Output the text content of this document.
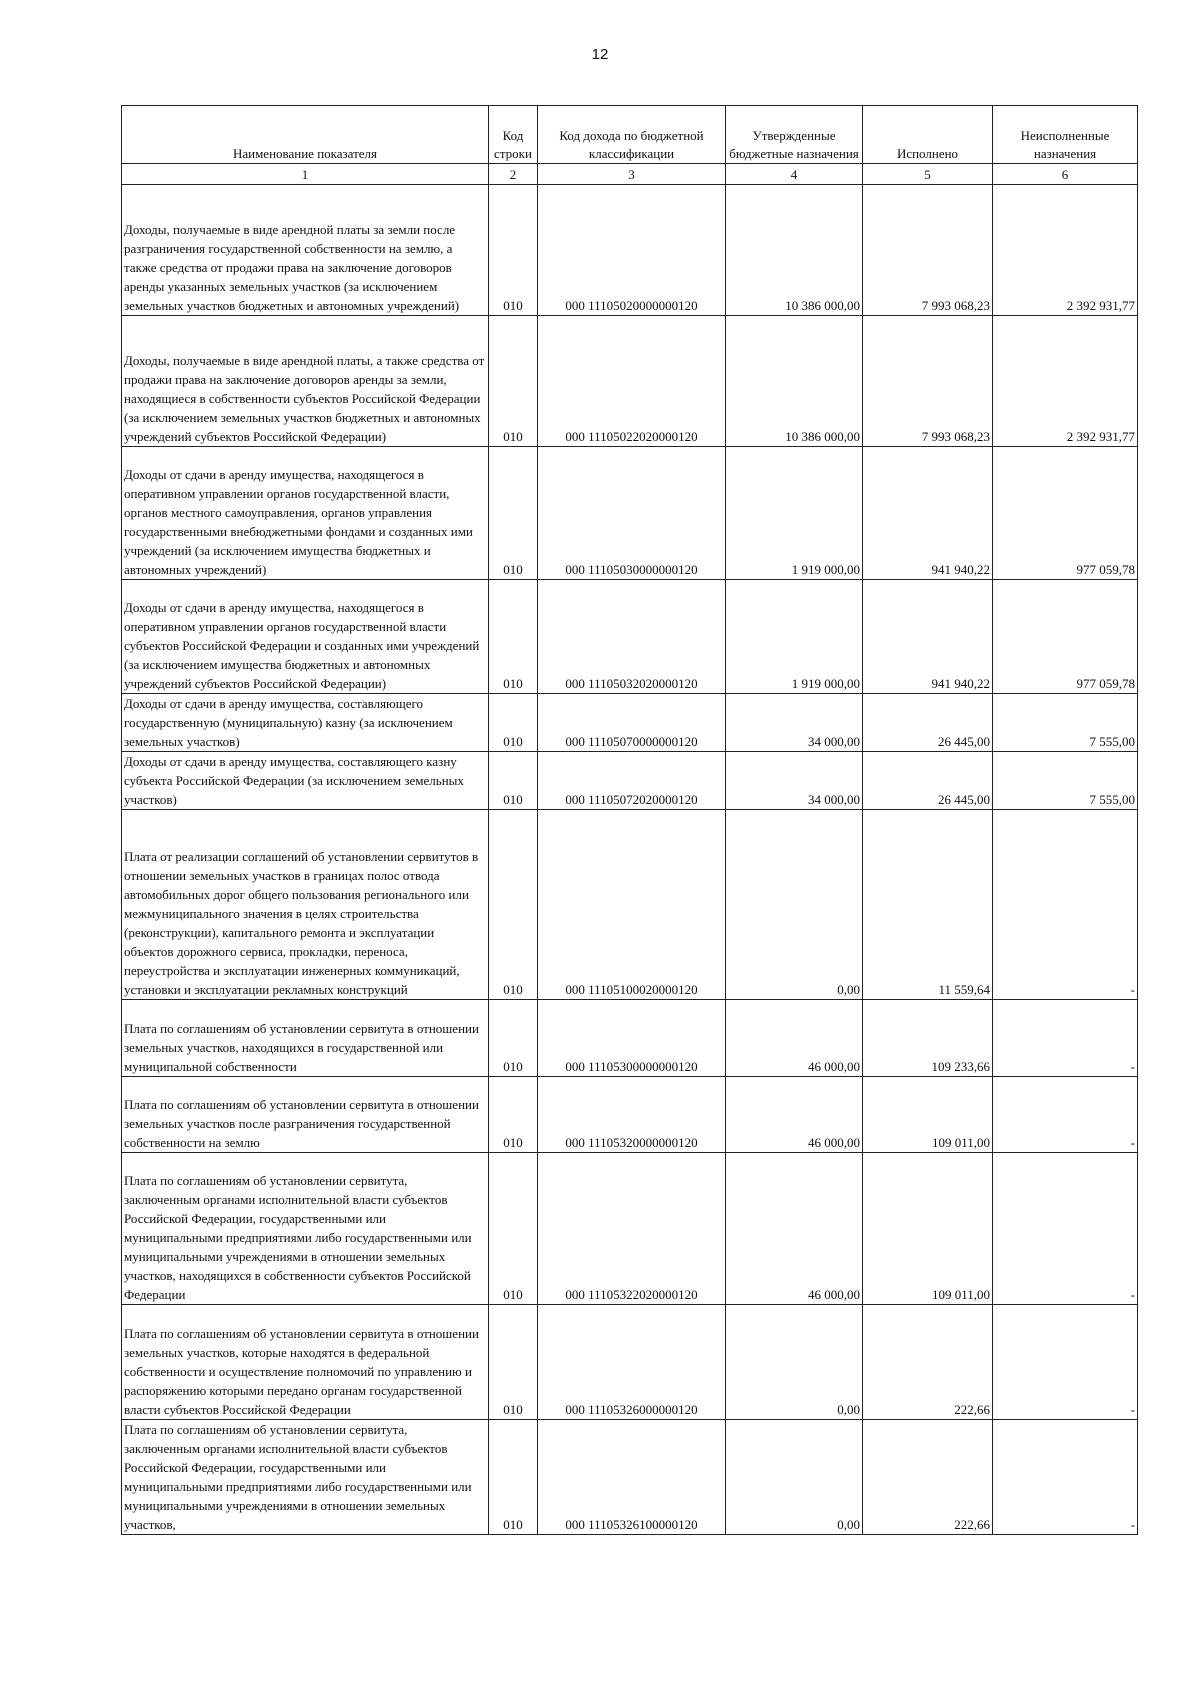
12
Наименование показателя	Код строки	Код дохода по бюджетной классификации	Утвержденные бюджетные назначения	Исполнено	Неисполненные назначения
1	2	3	4	5	6
Доходы, получаемые в виде арендной платы за земли после разграничения государственной собственности на землю, а также средства от продажи права на заключение договоров аренды указанных земельных участков (за исключением земельных участков бюджетных и автономных учреждений)	010	000 11105020000000120	10 386 000,00	7 993 068,23	2 392 931,77
Доходы, получаемые в виде арендной платы, а также средства от продажи права на заключение договоров аренды за земли, находящиеся в собственности субъектов Российской Федерации (за исключением земельных участков бюджетных и автономных учреждений субъектов Российской Федерации)	010	000 11105022020000120	10 386 000,00	7 993 068,23	2 392 931,77
Доходы от сдачи в аренду имущества, находящегося в оперативном управлении органов государственной власти, органов местного самоуправления, органов управления государственными внебюджетными фондами и созданных ими учреждений (за исключением имущества бюджетных и автономных учреждений)	010	000 11105030000000120	1 919 000,00	941 940,22	977 059,78
Доходы от сдачи в аренду имущества, находящегося в оперативном управлении органов государственной власти субъектов Российской Федерации и созданных ими учреждений (за исключением имущества бюджетных и автономных учреждений субъектов Российской Федерации)	010	000 11105032020000120	1 919 000,00	941 940,22	977 059,78
Доходы от сдачи в аренду имущества, составляющего государственную (муниципальную) казну (за исключением земельных участков)	010	000 11105070000000120	34 000,00	26 445,00	7 555,00
Доходы от сдачи в аренду имущества, составляющего казну субъекта Российской Федерации (за исключением земельных участков)	010	000 11105072020000120	34 000,00	26 445,00	7 555,00
Плата от реализации соглашений об установлении сервитутов в отношении земельных участков в границах полос отвода автомобильных дорог общего пользования регионального или межмуниципального значения в целях строительства (реконструкции), капитального ремонта и эксплуатации объектов дорожного сервиса, прокладки, переноса, переустройства и эксплуатации инженерных коммуникаций, установки и эксплуатации рекламных конструкций	010	000 11105100020000120	0,00	11 559,64	-
Плата по соглашениям об установлении сервитута в отношении земельных участков, находящихся в государственной или муниципальной собственности	010	000 11105300000000120	46 000,00	109 233,66	-
Плата по соглашениям об установлении сервитута в отношении земельных участков после разграничения государственной собственности на землю	010	000 11105320000000120	46 000,00	109 011,00	-
Плата по соглашениям об установлении сервитута, заключенным органами исполнительной власти субъектов Российской Федерации, государственными или муниципальными предприятиями либо государственными или муниципальными учреждениями в отношении земельных участков, находящихся в собственности субъектов Российской Федерации	010	000 11105322020000120	46 000,00	109 011,00	-
Плата по соглашениям об установлении сервитута в отношении земельных участков, которые находятся в федеральной собственности и осуществление полномочий по управлению и распоряжению которыми передано органам государственной власти субъектов Российской Федерации	010	000 11105326000000120	0,00	222,66	-
Плата по соглашениям об установлении сервитута, заключенным органами исполнительной власти субъектов Российской Федерации, государственными или муниципальными предприятиями либо государственными или муниципальными учреждениями в отношении земельных участков,	010	000 11105326100000120	0,00	222,66	-
